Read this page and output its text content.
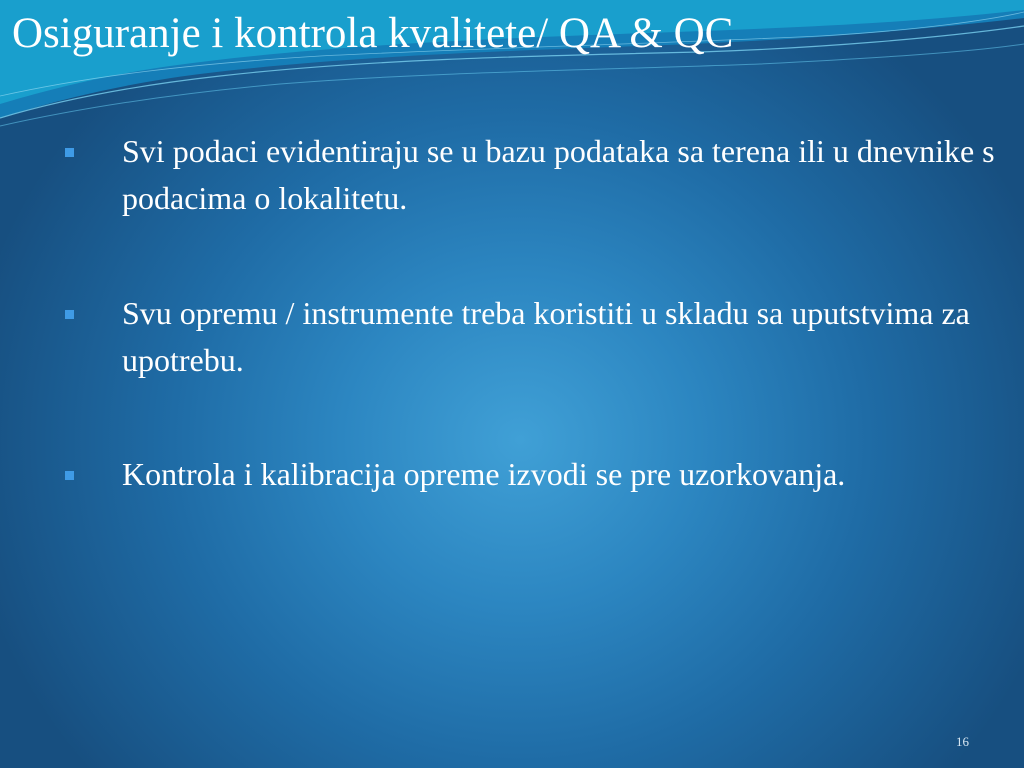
Osiguranje i kontrola kvalitete/ QA & QC
Svi podaci evidentiraju se u bazu podataka sa terena ili u dnevnike s podacima o lokalitetu.
Svu opremu / instrumente treba koristiti u skladu sa uputstvima za upotrebu.
Kontrola i kalibracija opreme izvodi se pre uzorkovanja.
16
